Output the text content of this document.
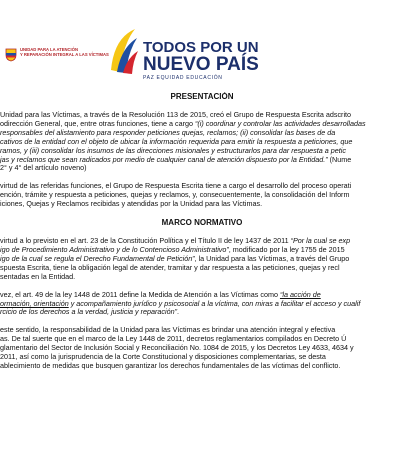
UNIDAD PARA LA ATENCIÓN
Y REPARACIÓN INTEGRAL A LAS VÍCTIMAS TODOS POR UN
NUEVO PAÍS
PAZ EQUIDAD EDUCACIÓN
PRESENTACIÓN
Unidad para las Víctimas, a través de la Resolución 113 de 2015, creó el Grupo de Respuesta Escrita adscrito
odirección General, que, entre otras funciones, tiene a cargo “(i) coordinar y controlar las actividades desarrolladas
responsables del alistamiento para responder peticiones quejas, reclamos; (ii) consolidar las bases de da
cativos de la entidad con el objeto de ubicar la información requerida para emitir la respuesta a peticiones, que
ramos, y (iii) consolidar los insumos de las direcciones misionales y estructurarlos para dar respuesta a petic
jas y reclamos que sean radicados por medio de cualquier canal de atención dispuesto por la Entidad.” (Nume
2° y 4° del artículo noveno)
virtud de las referidas funciones, el Grupo de Respuesta Escrita tiene a cargo el desarrollo del proceso operati
ención, trámite y respuesta a peticiones, quejas y reclamos, y, consecuentemente, la consolidación del Inform
iciones, Quejas y Reclamos recibidas y atendidas por la Unidad para las Víctimas.
MARCO NORMATIVO
virtud a lo previsto en el art. 23 de la Constitución Política y el Título II de ley 1437 de 2011 “Por la cual se exp
igo de Procedimiento Administrativo y de lo Contencioso Administrativo”, modificado por la ley 1755 de 2015
igo de la cual se regula el Derecho Fundamental de Petición”, la Unidad para las Víctimas, a través del Grupo
spuesta Escrita, tiene la obligación legal de atender, tramitar y dar respuesta a las peticiones, quejas y recl
sentadas en la Entidad.
vez, el art. 49 de la ley 1448 de 2011 define la Medida de Atención a las Víctimas como “la acción de
ormación, orientación y acompañamiento jurídico y psicosocial a la víctima, con miras a facilitar el acceso y cualif
rcicio de los derechos a la verdad, justicia y reparación”.
este sentido, la responsabilidad de la Unidad para las Víctimas es brindar una atención integral y efectiva
as. De tal suerte que en el marco de la Ley 1448 de 2011, decretos reglamentarios compilados en Decreto Ú
glamentario del Sector de Inclusión Social y Reconciliación No. 1084 de 2015, y los Decretos Ley 4633, 4634 y
2011, así como la jurisprudencia de la Corte Constitucional y disposiciones complementarias, se desta
ablecimiento de medidas que busquen garantizar los derechos fundamentales de las víctimas del conflicto.
